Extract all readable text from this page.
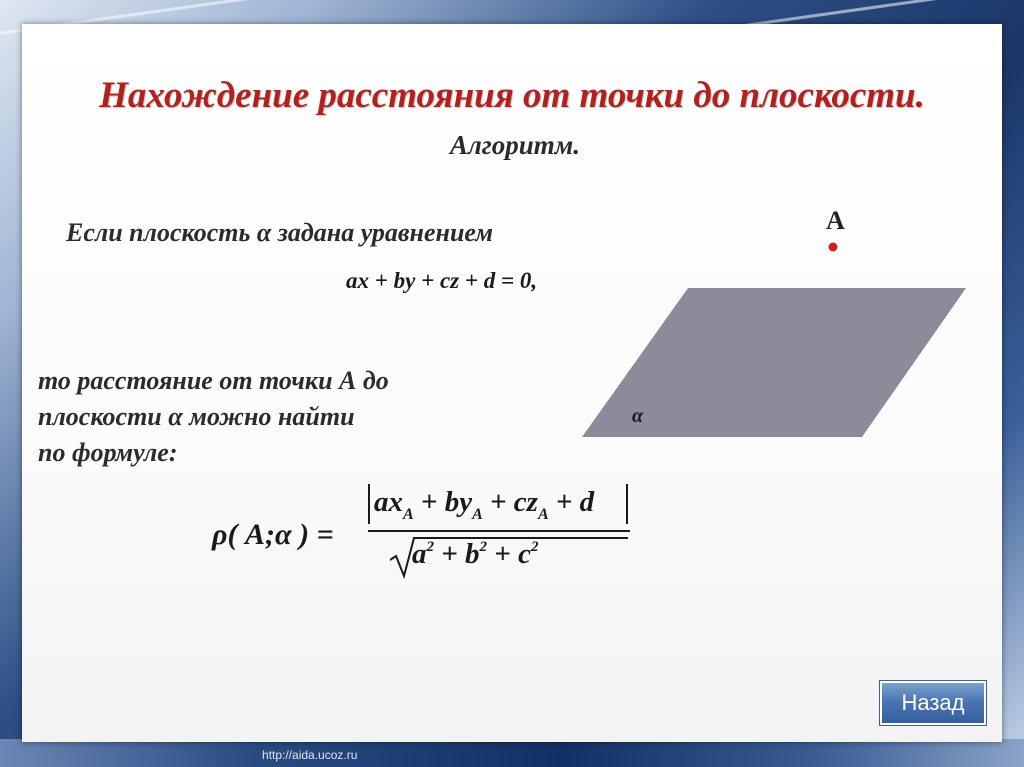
http://aida.ucoz.ru
Нахождение расстояния от точки до плоскости.
Алгоритм.
Если плоскость α задана уравнением
ax + by + cz + d = 0,
то расстояние от точки А до
плоскости α можно найти
по формуле:
A
α
ρ( A;α ) =
$ax_A + by_A + cz_A + d$
$a^2 + b^2 + c^2$
Назад
